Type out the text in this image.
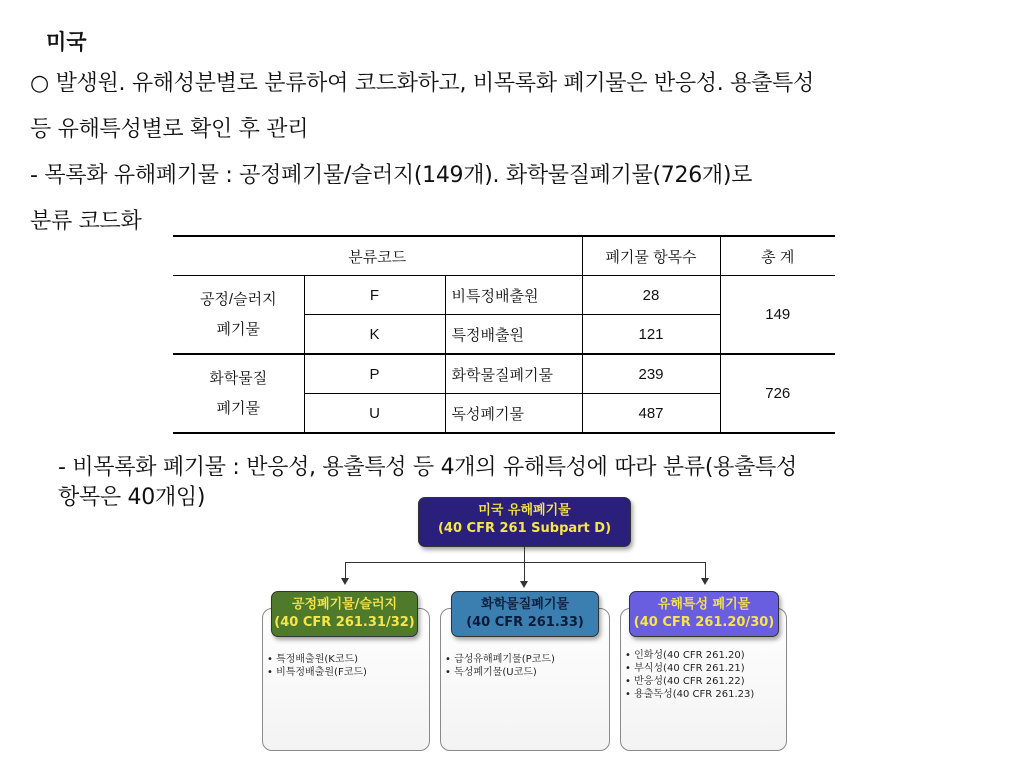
미국
○ 발생원. 유해성분별로 분류하여 코드화하고, 비목록화 폐기물은 반응성. 용출특성
등 유해특성별로 확인 후 관리
- 목록화 유해폐기물 : 공정폐기물/슬러지(149개). 화학물질폐기물(726개)로
분류 코드화
분류코드			폐기물 항목수	총 계
공정/슬러지
폐기물	F	비특정배출원	28	149
	K	특정배출원	121	
화학물질
폐기물	P	화학물질폐기물	239	726
	U	독성폐기물	487	
- 비목록화 폐기물 : 반응성, 용출특성 등 4개의 유해특성에 따라 분류(용출특성
항목은 40개임)
미국 유해폐기물
(40 CFR 261 Subpart D)
• 특정배출원(K코드)
• 비특정배출원(F코드)
공정폐기물/슬러지
(40 CFR 261.31/32)
• 급성유해폐기물(P코드)
• 독성폐기물(U코드)
화학물질폐기물
(40 CFR 261.33)
• 인화성(40 CFR 261.20)
• 부식성(40 CFR 261.21)
• 반응성(40 CFR 261.22)
• 용출독성(40 CFR 261.23)
유해특성 폐기물
(40 CFR 261.20/30)
